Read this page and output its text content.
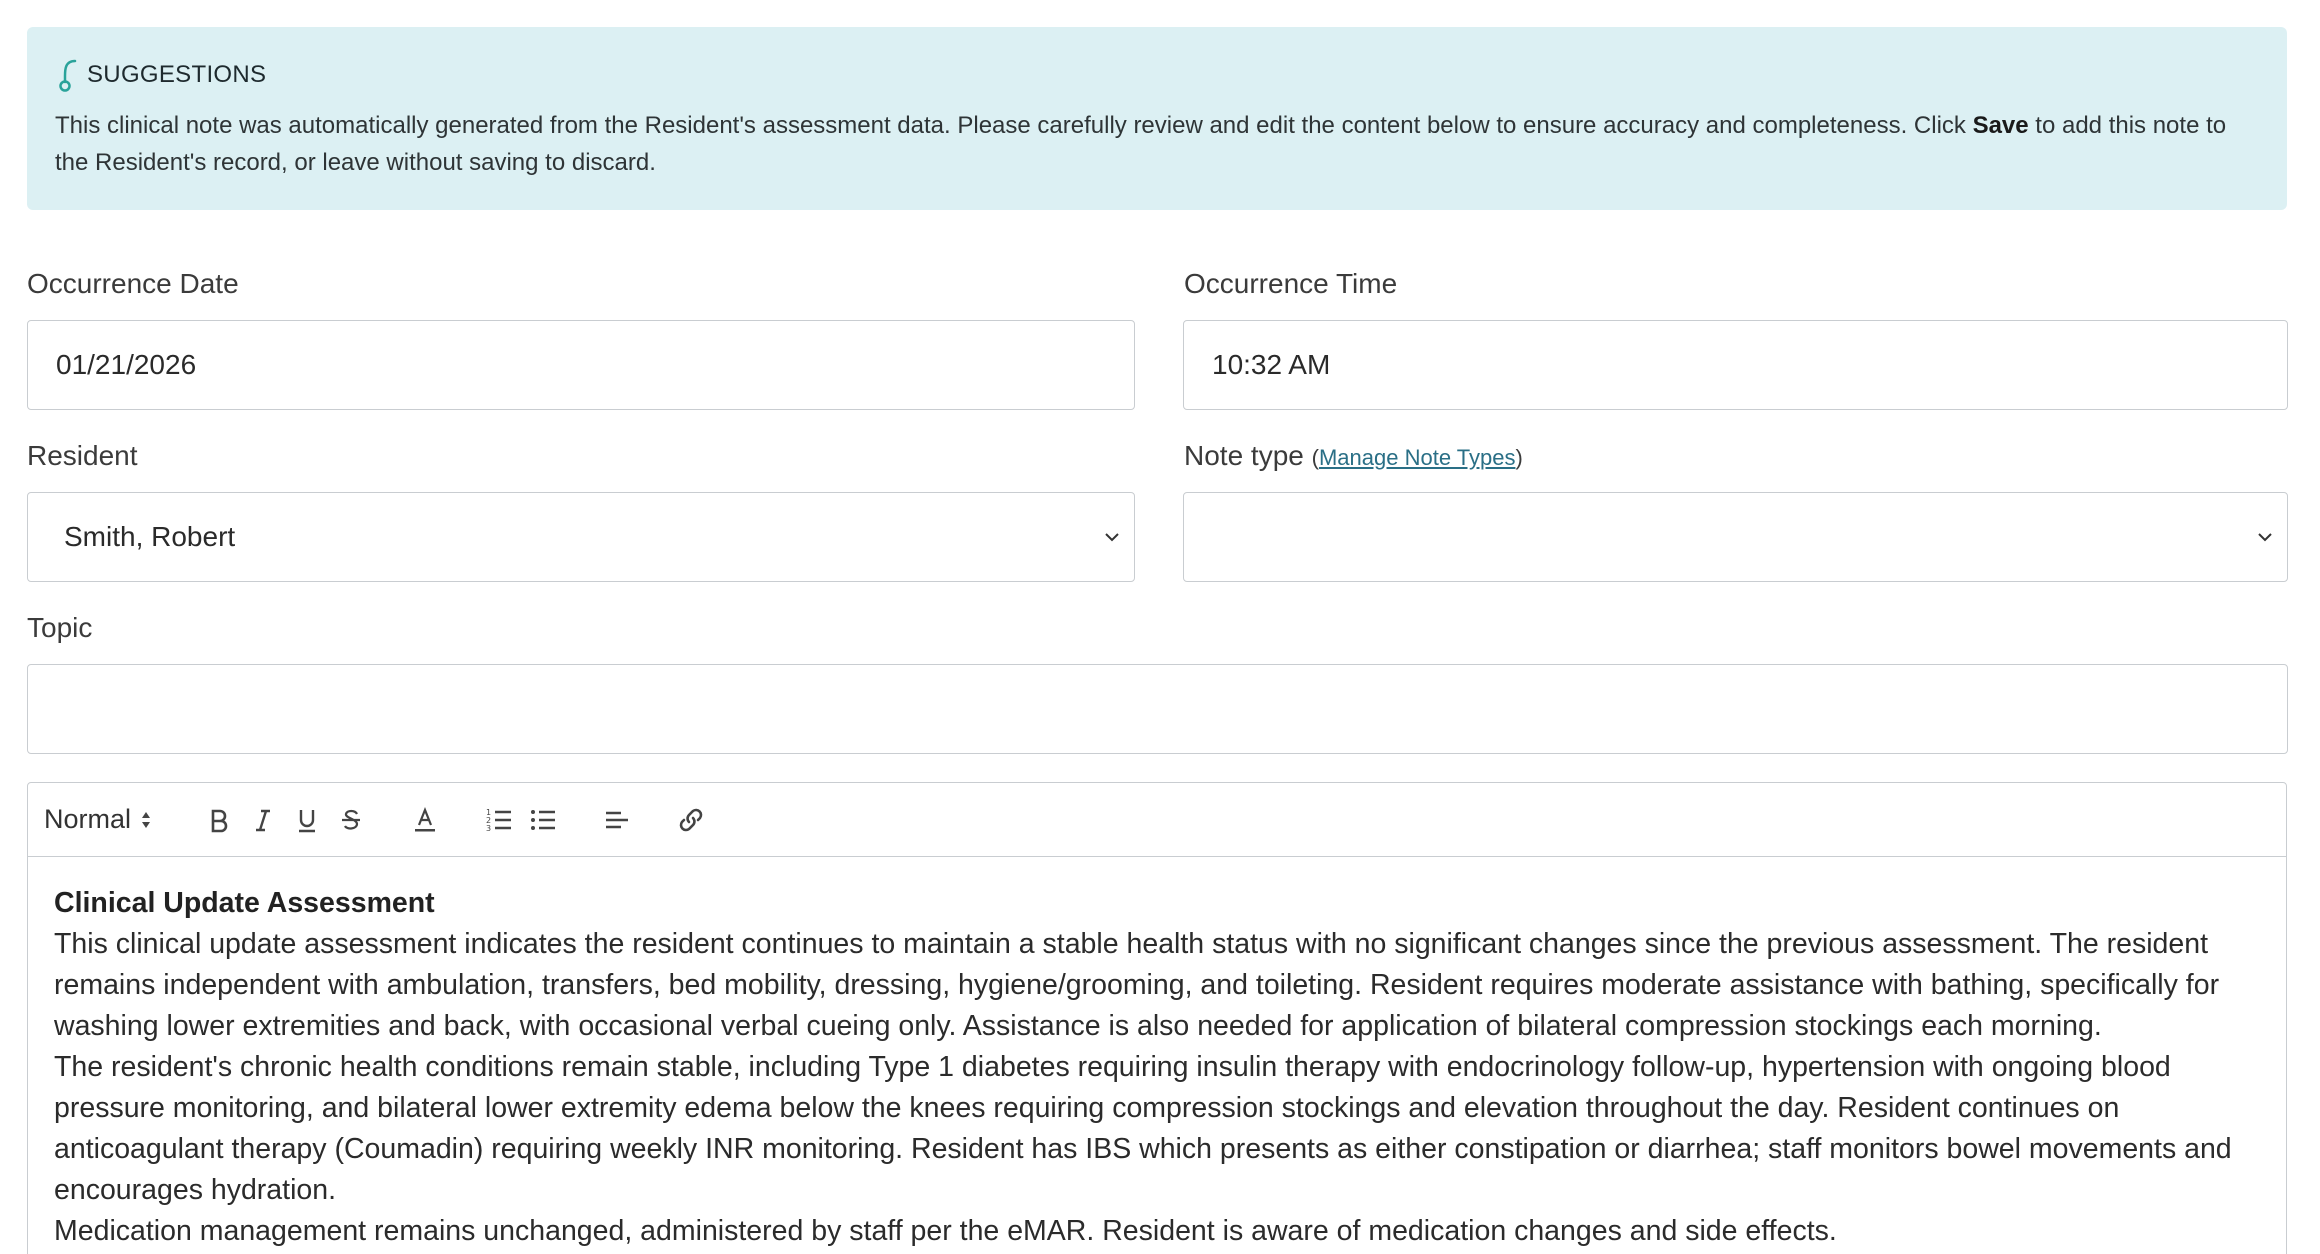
SUGGESTIONS
This clinical note was automatically generated from the Resident's assessment data. Please carefully review and edit the content below to ensure accuracy and completeness. Click Save to add this note to the Resident's record, or leave without saving to discard.
Occurrence Date
01/21/2026
Occurrence Time
10:32 AM
Resident
Smith, Robert
Note type (Manage Note Types)
Topic
Normal	1
2
3
Clinical Update Assessment
This clinical update assessment indicates the resident continues to maintain a stable health status with no significant changes since the previous assessment. The resident remains independent with ambulation, transfers, bed mobility, dressing, hygiene/grooming, and toileting. Resident requires moderate assistance with bathing, specifically for washing lower extremities and back, with occasional verbal cueing only. Assistance is also needed for application of bilateral compression stockings each morning.
The resident's chronic health conditions remain stable, including Type 1 diabetes requiring insulin therapy with endocrinology follow-up, hypertension with ongoing blood pressure monitoring, and bilateral lower extremity edema below the knees requiring compression stockings and elevation throughout the day. Resident continues on anticoagulant therapy (Coumadin) requiring weekly INR monitoring. Resident has IBS which presents as either constipation or diarrhea; staff monitors bowel movements and encourages hydration.
Medication management remains unchanged, administered by staff per the eMAR. Resident is aware of medication changes and side effects.
